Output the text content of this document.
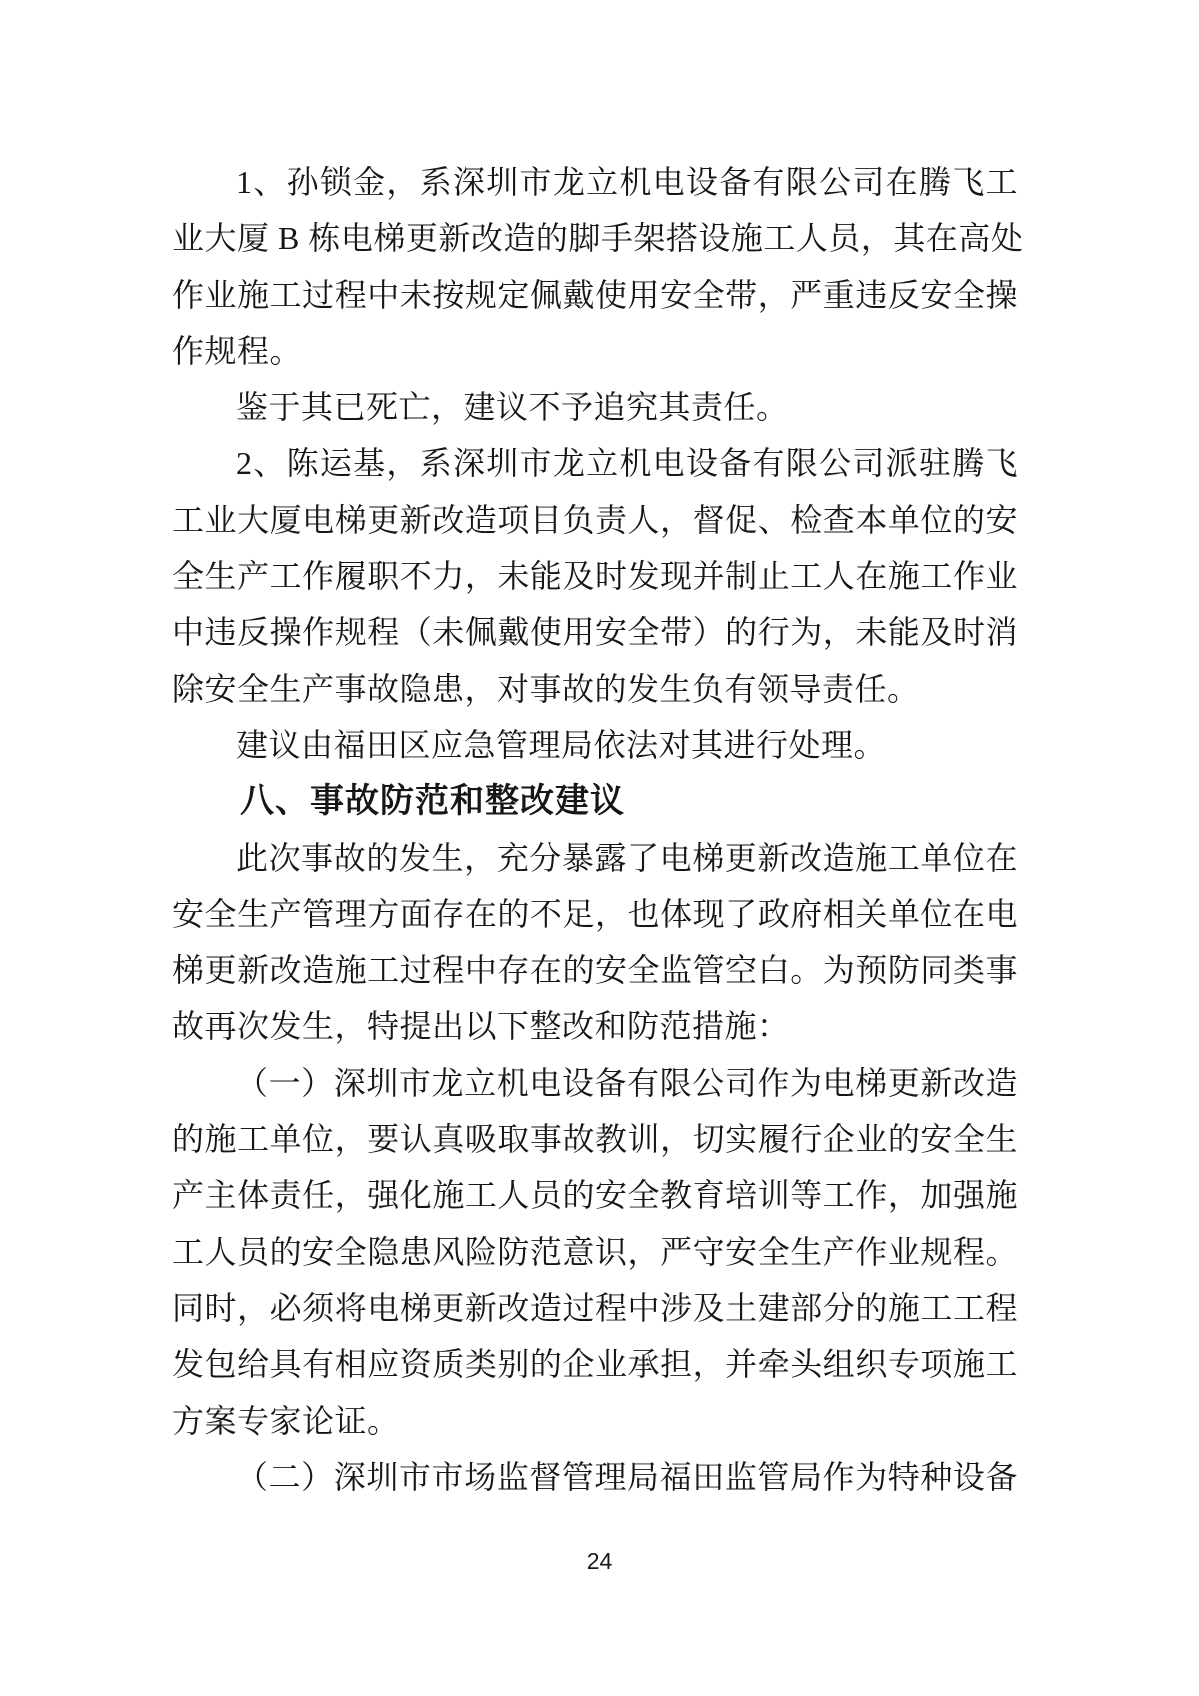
1、孙锁金，系深圳市龙立机电设备有限公司在腾飞工
业大厦 B 栋电梯更新改造的脚手架搭设施工人员，其在高处
作业施工过程中未按规定佩戴使用安全带，严重违反安全操
作规程。
鉴于其已死亡，建议不予追究其责任。
2、陈运基，系深圳市龙立机电设备有限公司派驻腾飞
工业大厦电梯更新改造项目负责人，督促、检查本单位的安
全生产工作履职不力，未能及时发现并制止工人在施工作业
中违反操作规程（未佩戴使用安全带）的行为，未能及时消
除安全生产事故隐患，对事故的发生负有领导责任。
建议由福田区应急管理局依法对其进行处理。
八、事故防范和整改建议
此次事故的发生，充分暴露了电梯更新改造施工单位在
安全生产管理方面存在的不足，也体现了政府相关单位在电
梯更新改造施工过程中存在的安全监管空白。为预防同类事
故再次发生，特提出以下整改和防范措施：
（一）深圳市龙立机电设备有限公司作为电梯更新改造
的施工单位，要认真吸取事故教训，切实履行企业的安全生
产主体责任，强化施工人员的安全教育培训等工作，加强施
工人员的安全隐患风险防范意识，严守安全生产作业规程。
同时，必须将电梯更新改造过程中涉及土建部分的施工工程
发包给具有相应资质类别的企业承担，并牵头组织专项施工
方案专家论证。
（二）深圳市市场监督管理局福田监管局作为特种设备
24
